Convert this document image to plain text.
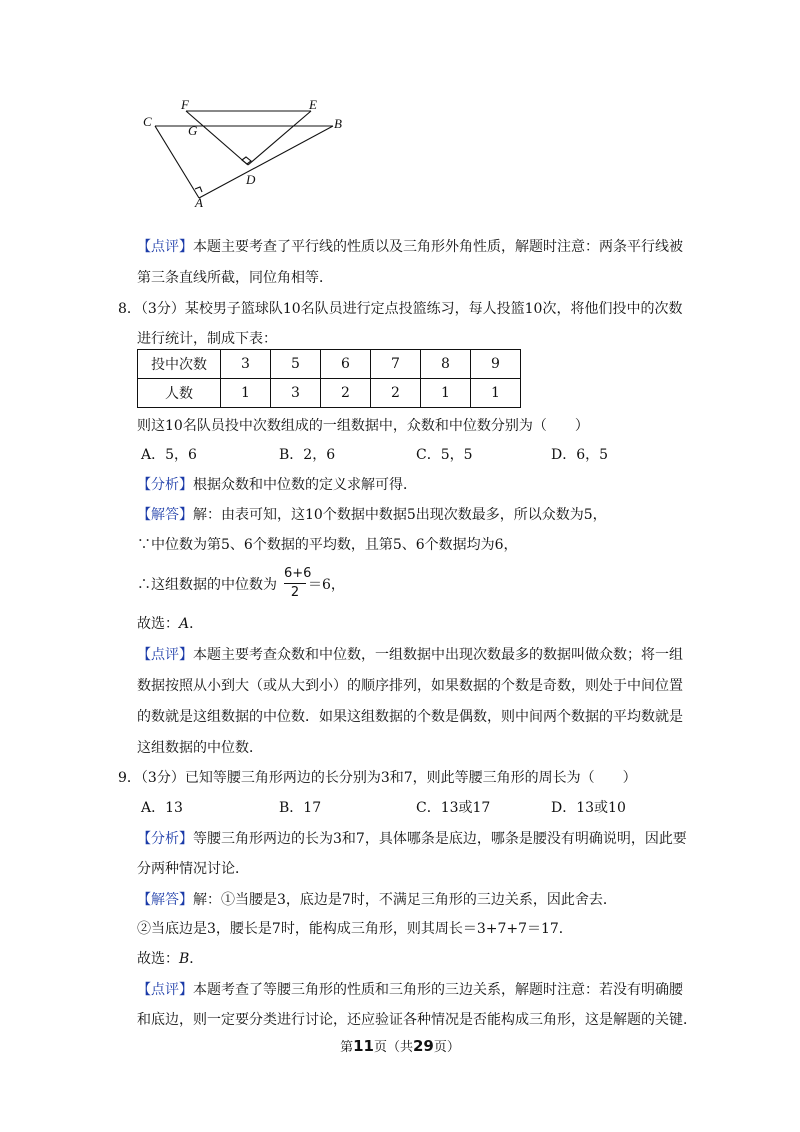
F	E
C
G	B
D
A
【点评】本题主要考查了平行线的性质以及三角形外角性质，解题时注意：两条平行线被
第三条直线所截，同位角相等．
8．（3分）某校男子篮球队10名队员进行定点投篮练习，每人投篮10次，将他们投中的次数
进行统计，制成下表：
投中次数	3	5	6	7	8	9
人数	1	3	2	2	1	1
则这10名队员投中次数组成的一组数据中，众数和中位数分别为（　　）
A．5，6	B．2，6	C．5，5	D．6，5
【分析】根据众数和中位数的定义求解可得．
【解答】解：由表可知，这10个数据中数据5出现次数最多，所以众数为5，
∵中位数为第5、6个数据的平均数，且第5、6个数据均为6，
∴这组数据的中位数为
6+6
2 ＝6，
故选：A．
【点评】本题主要考查众数和中位数，一组数据中出现次数最多的数据叫做众数；将一组
数据按照从小到大（或从大到小）的顺序排列，如果数据的个数是奇数，则处于中间位置
的数就是这组数据的中位数．如果这组数据的个数是偶数，则中间两个数据的平均数就是
这组数据的中位数．
9．（3分）已知等腰三角形两边的长分别为3和7，则此等腰三角形的周长为（　　）
A．13	B．17	C．13或17	D．13或10
【分析】等腰三角形两边的长为3和7，具体哪条是底边，哪条是腰没有明确说明，因此要
分两种情况讨论．
【解答】解：①当腰是3，底边是7时，不满足三角形的三边关系，因此舍去．
②当底边是3，腰长是7时，能构成三角形，则其周长＝3+7+7＝17．
故选：B．
【点评】本题考查了等腰三角形的性质和三角形的三边关系，解题时注意：若没有明确腰
和底边，则一定要分类进行讨论，还应验证各种情况是否能构成三角形，这是解题的关键．
第11页（共29页）
